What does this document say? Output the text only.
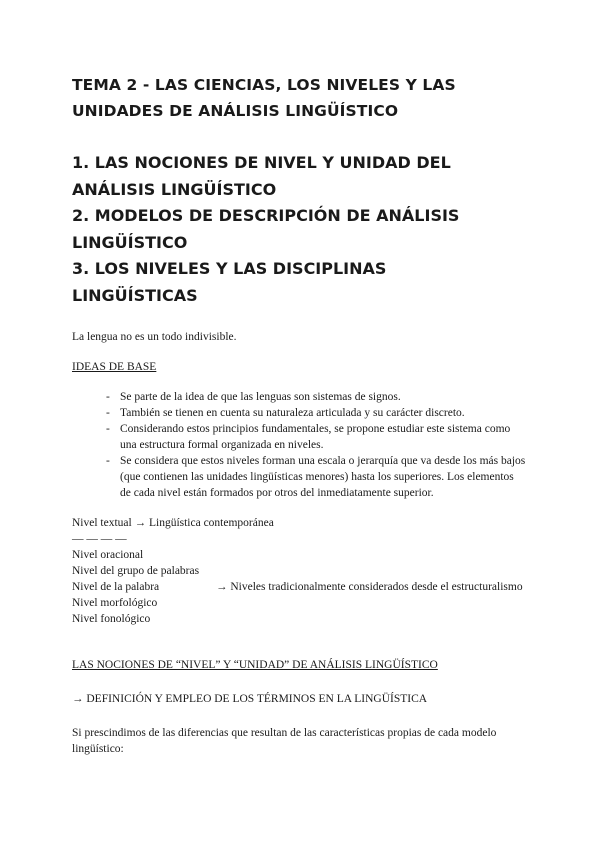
TEMA 2 - LAS CIENCIAS, LOS NIVELES Y LAS

UNIDADES DE ANÁLISIS LINGÜÍSTICO

1. LAS NOCIONES DE NIVEL Y UNIDAD DEL

ANÁLISIS LINGÜÍSTICO

2. MODELOS DE DESCRIPCIÓN DE ANÁLISIS

LINGÜÍSTICO

3. LOS NIVELES Y LAS DISCIPLINAS

LINGÜÍSTICAS

La lengua no es un todo indivisible.
IDEAS DE BASE
- Se parte de la idea de que las lenguas son sistemas de signos.
- También se tienen en cuenta su naturaleza articulada y su carácter discreto.
- Considerando estos principios fundamentales, se propone estudiar este sistema como una estructura formal organizada en niveles.
- Se considera que estos niveles forman una escala o jerarquía que va desde los más bajos (que contienen las unidades lingüísticas menores) hasta los superiores. Los elementos de cada nivel están formados por otros del inmediatamente superior.
Nivel textual → Lingüística contemporánea
— — — —
Nivel oracional
Nivel del grupo de palabras
Nivel de la palabra	→ Niveles tradicionalmente considerados desde el estructuralismo
Nivel morfológico
Nivel fonológico
LAS NOCIONES DE “NIVEL” Y “UNIDAD” DE ANÁLISIS LINGÜÍSTICO
→ DEFINICIÓN Y EMPLEO DE LOS TÉRMINOS EN LA LINGÜÍSTICA
Si prescindimos de las diferencias que resultan de las características propias de cada modelo lingüístico:
